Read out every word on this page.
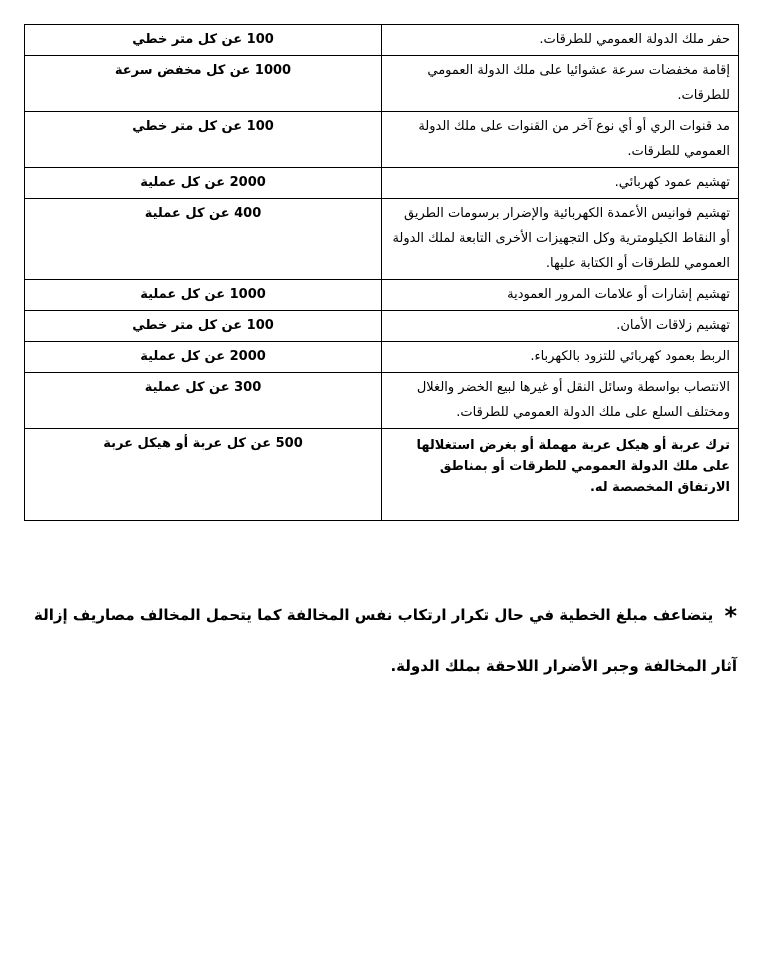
حفر ملك الدولة العمومي للطرقات.	100 عن كل متر خطي
إقامة مخفضات سرعة عشوائيا على ملك الدولة العمومي للطرقات.	1000 عن كل مخفض سرعة
مد قنوات الري أو أي نوع آخر من القنوات على ملك الدولة العمومي للطرقات.	100 عن كل متر خطي
تهشيم عمود كهربائي.	2000 عن كل عملية
تهشيم فوانيس الأعمدة الكهربائية والإضرار برسومات الطريق أو النقاط الكيلومترية وكل التجهيزات الأخرى التابعة لملك الدولة العمومي للطرقات أو الكتابة عليها.	400 عن كل عملية
تهشيم إشارات أو علامات المرور العمودية	1000 عن كل عملية
تهشيم زلاقات الأمان.	100 عن كل متر خطي
الربط بعمود كهربائي للتزود بالكهرباء.	2000 عن كل عملية
الانتصاب بواسطة وسائل النقل أو غيرها لبيع الخضر والغلال ومختلف السلع على ملك الدولة العمومي للطرقات.	300 عن كل عملية
ترك عربة أو هيكل عربة مهملة أو بغرض استغلالها على ملك الدولة العمومي للطرقات أو بمناطق الارتفاق المخصصة له.	500 عن كل عربة أو هيكل عربة
* يتضاعف مبلغ الخطية في حال تكرار ارتكاب نفس المخالفة كما يتحمل المخالف مصاريف إزالة آثار المخالفة وجبر الأضرار اللاحقة بملك الدولة.
